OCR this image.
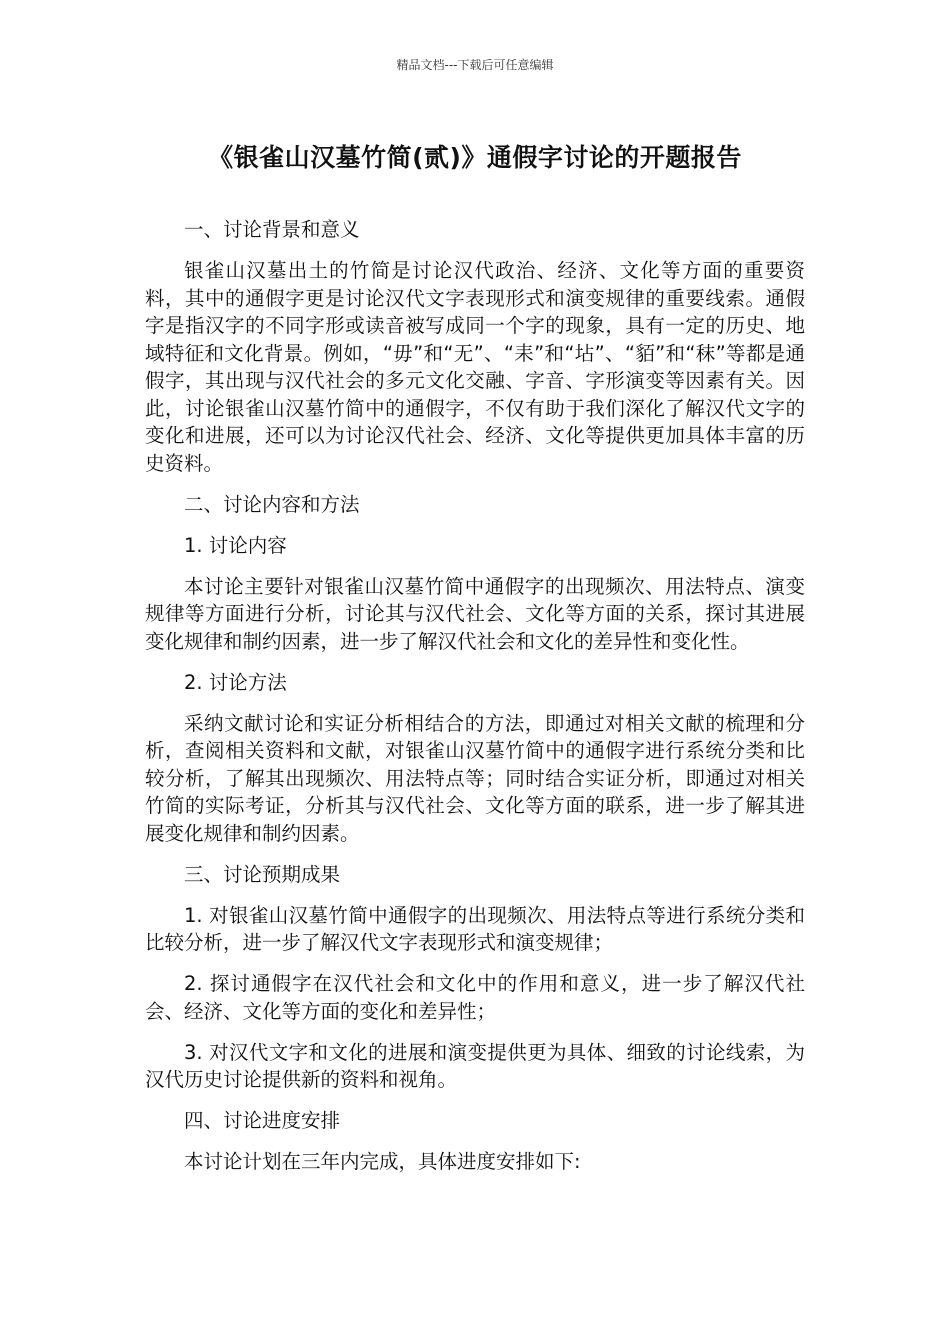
精品文档---下载后可任意编辑
《银雀山汉墓竹简(贰)》通假字讨论的开题报告

一、讨论背景和意义

银雀山汉墓出土的竹简是讨论汉代政治、经济、文化等方面的重要资料，其中的通假字更是讨论汉代文字表现形式和演变规律的重要线索。通假字是指汉字的不同字形或读音被写成同一个字的现象，具有一定的历史、地域特征和文化背景。例如，“毋”和“无”、“耒”和“坫”、“貊”和“秣”等都是通假字，其出现与汉代社会的多元文化交融、字音、字形演变等因素有关。因此，讨论银雀山汉墓竹简中的通假字，不仅有助于我们深化了解汉代文字的变化和进展，还可以为讨论汉代社会、经济、文化等提供更加具体丰富的历史资料。

二、讨论内容和方法

1. 讨论内容

本讨论主要针对银雀山汉墓竹简中通假字的出现频次、用法特点、演变规律等方面进行分析，讨论其与汉代社会、文化等方面的关系，探讨其进展变化规律和制约因素，进一步了解汉代社会和文化的差异性和变化性。

2. 讨论方法

采纳文献讨论和实证分析相结合的方法，即通过对相关文献的梳理和分析，查阅相关资料和文献，对银雀山汉墓竹简中的通假字进行系统分类和比较分析，了解其出现频次、用法特点等；同时结合实证分析，即通过对相关竹简的实际考证，分析其与汉代社会、文化等方面的联系，进一步了解其进展变化规律和制约因素。

三、讨论预期成果

1. 对银雀山汉墓竹简中通假字的出现频次、用法特点等进行系统分类和比较分析，进一步了解汉代文字表现形式和演变规律；

2. 探讨通假字在汉代社会和文化中的作用和意义，进一步了解汉代社会、经济、文化等方面的变化和差异性；

3. 对汉代文字和文化的进展和演变提供更为具体、细致的讨论线索，为汉代历史讨论提供新的资料和视角。

四、讨论进度安排

本讨论计划在三年内完成，具体进度安排如下:
